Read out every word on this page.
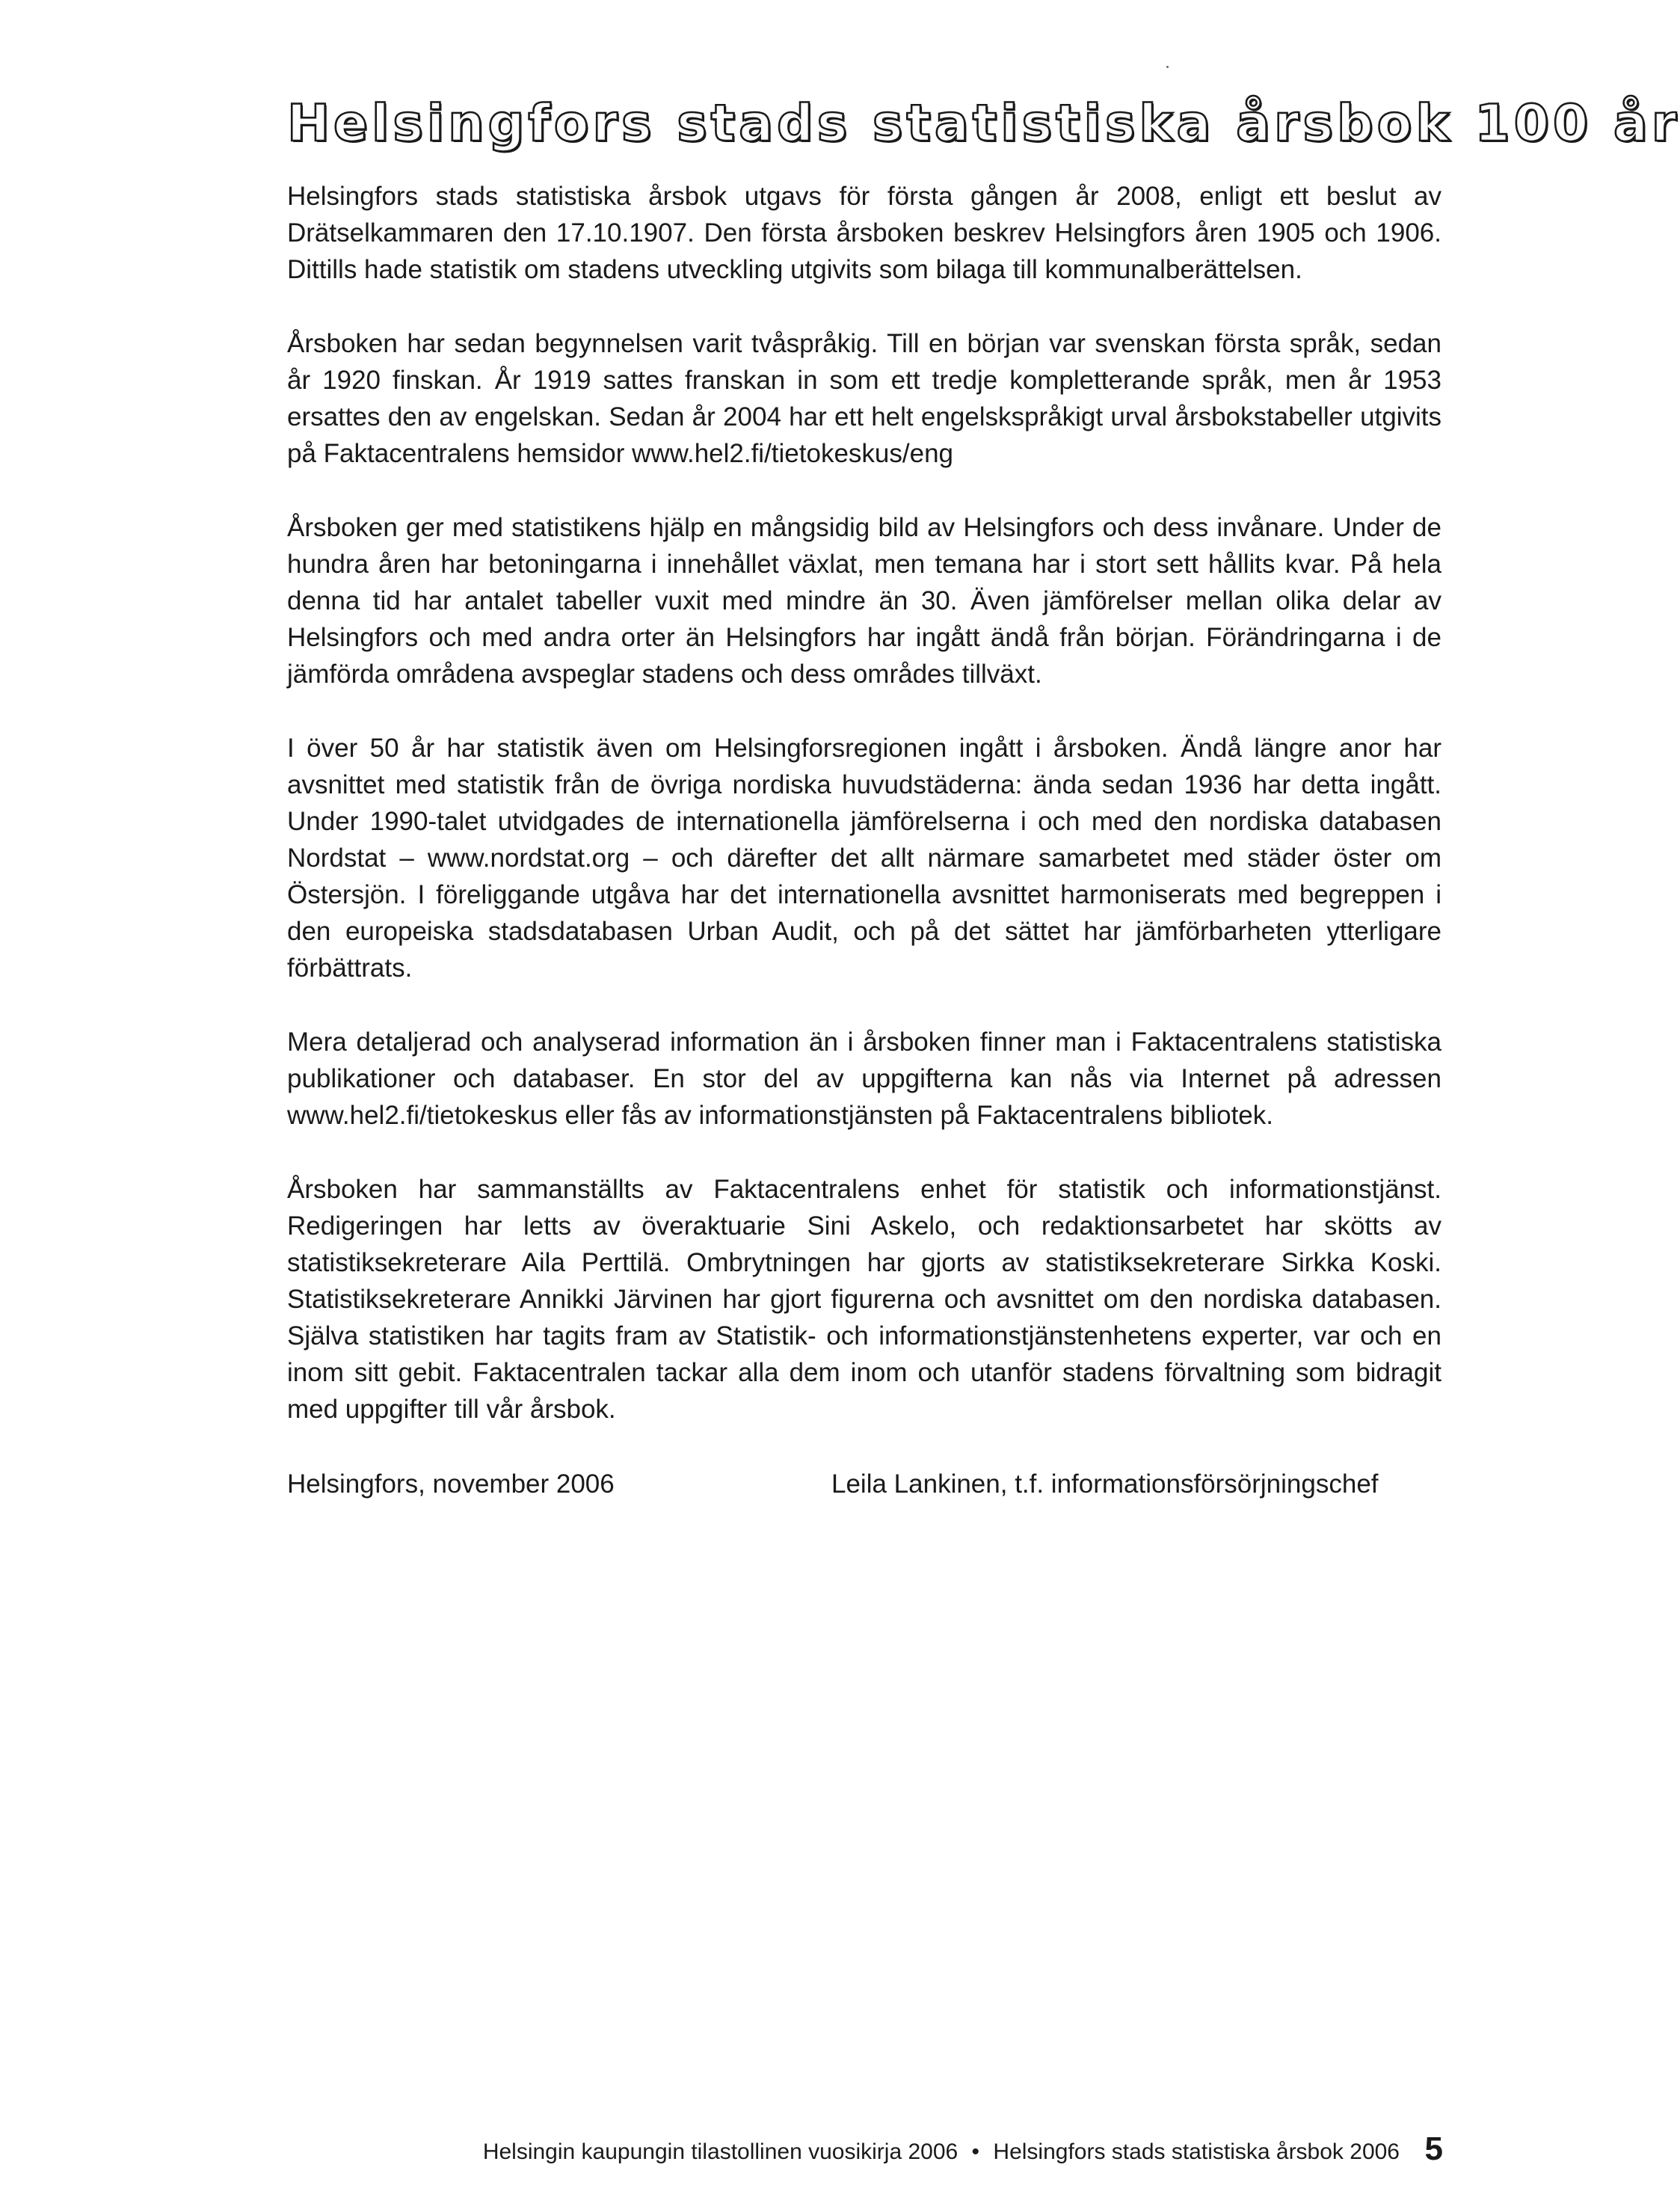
Helsingfors stads statistiska årsbok 100 år

Helsingfors stads statistiska årsbok utgavs för första gången år 2008, enligt ett beslut av Drätselkammaren den 17.10.1907. Den första årsboken beskrev Helsingfors åren 1905 och 1906. Dittills hade statistik om stadens utveckling utgivits som bilaga till kommunalberättelsen.

Årsboken har sedan begynnelsen varit tvåspråkig. Till en början var svenskan första språk, sedan år 1920 finskan. År 1919 sattes franskan in som ett tredje kompletterande språk, men år 1953 ersattes den av engelskan. Sedan år 2004 har ett helt engelskspråkigt urval årsbokstabeller utgivits på Faktacentralens hemsidor www.hel2.fi/tietokeskus/eng

Årsboken ger med statistikens hjälp en mångsidig bild av Helsingfors och dess invånare. Under de hundra åren har betoningarna i innehållet växlat, men temana har i stort sett hållits kvar. På hela denna tid har antalet tabeller vuxit med mindre än 30. Även jämförelser mellan olika delar av Helsingfors och med andra orter än Helsingfors har ingått ändå från början. Förändringarna i de jämförda områdena avspeglar stadens och dess områdes tillväxt.

I över 50 år har statistik även om Helsingforsregionen ingått i årsboken. Ändå längre anor har avsnittet med statistik från de övriga nordiska huvudstäderna: ända sedan 1936 har detta ingått. Under 1990-talet utvidgades de internationella jämförelserna i och med den nordiska databasen Nordstat – www.nordstat.org – och därefter det allt närmare samarbetet med städer öster om Östersjön. I föreliggande utgåva har det internationella avsnittet harmoniserats med begreppen i den europeiska stadsdatabasen Urban Audit, och på det sättet har jämförbarheten ytterligare förbättrats.

Mera detaljerad och analyserad information än i årsboken finner man i Faktacentralens statistiska publikationer och databaser. En stor del av uppgifterna kan nås via Internet på adressen www.hel2.fi/tietokeskus eller fås av informationstjänsten på Faktacentralens bibliotek.

Årsboken har sammanställts av Faktacentralens enhet för statistik och informationstjänst. Redigeringen har letts av överaktuarie Sini Askelo, och redaktionsarbetet har skötts av statistiksekreterare Aila Perttilä. Ombrytningen har gjorts av statistiksekreterare Sirkka Koski. Statistiksekreterare Annikki Järvinen har gjort figurerna och avsnittet om den nordiska databasen. Själva statistiken har tagits fram av Statistik- och informationstjänstenhetens experter, var och en inom sitt gebit. Faktacentralen tackar alla dem inom och utanför stadens förvaltning som bidragit med uppgifter till vår årsbok.

Helsingfors, november 2006	Leila Lankinen, t.f. informationsförsörjningschef
Helsingin kaupungin tilastollinen vuosikirja 2006 • Helsingfors stads statistiska årsbok 2006 5
